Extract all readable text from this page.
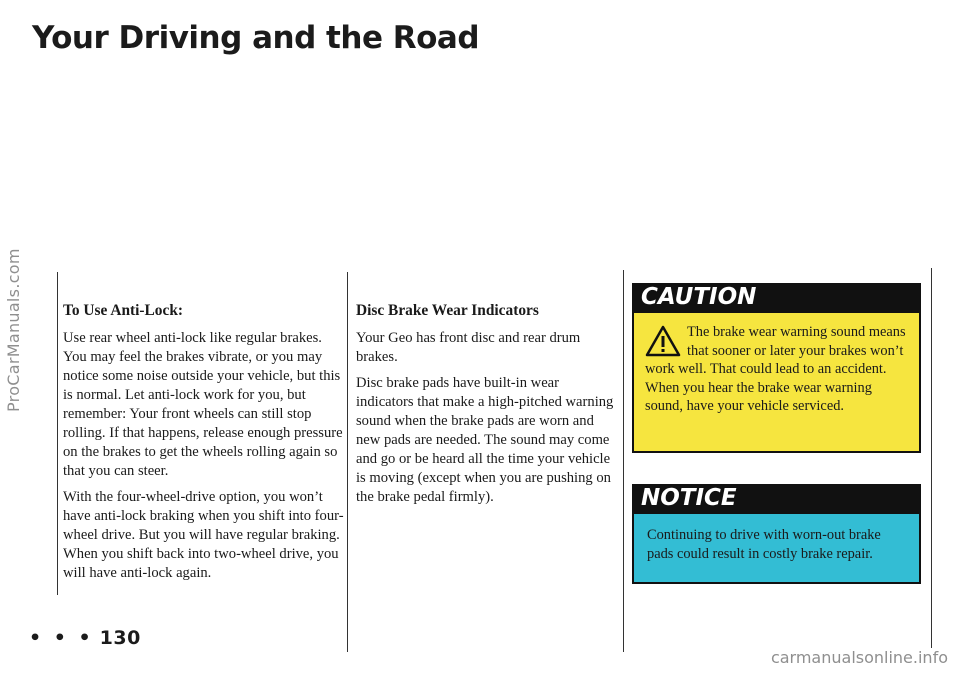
ProCarManuals.com
Your Driving and the Road
To Use Anti-Lock:

Use rear wheel anti-lock like regular brakes. You may feel the brakes vibrate, or you may notice some noise outside your vehicle, but this is normal. Let anti-lock work for you, but remember: Your front wheels can still stop rolling. If that happens, release enough pressure on the brakes to get the wheels rolling again so that you can steer.

With the four-wheel-drive option, you won’t have anti-lock braking when you shift into four-wheel drive. But you will have regular braking. When you shift back into two-wheel drive, you will have anti-lock again.

Disc Brake Wear Indicators

Your Geo has front disc and rear drum brakes.

Disc brake pads have built-in wear indicators that make a high-pitched warning sound when the brake pads are worn and new pads are needed. The sound may come and go or be heard all the time your vehicle is moving (except when you are pushing on the brake pedal firmly).

CAUTION
The brake wear warning sound means that sooner or later your brakes won’t work well. That could lead to an accident. When you hear the brake wear warning sound, have your vehicle serviced.
NOTICE
Continuing to drive with worn-out brake pads could result in costly brake repair.
• • • 130
carmanualsonline.info
